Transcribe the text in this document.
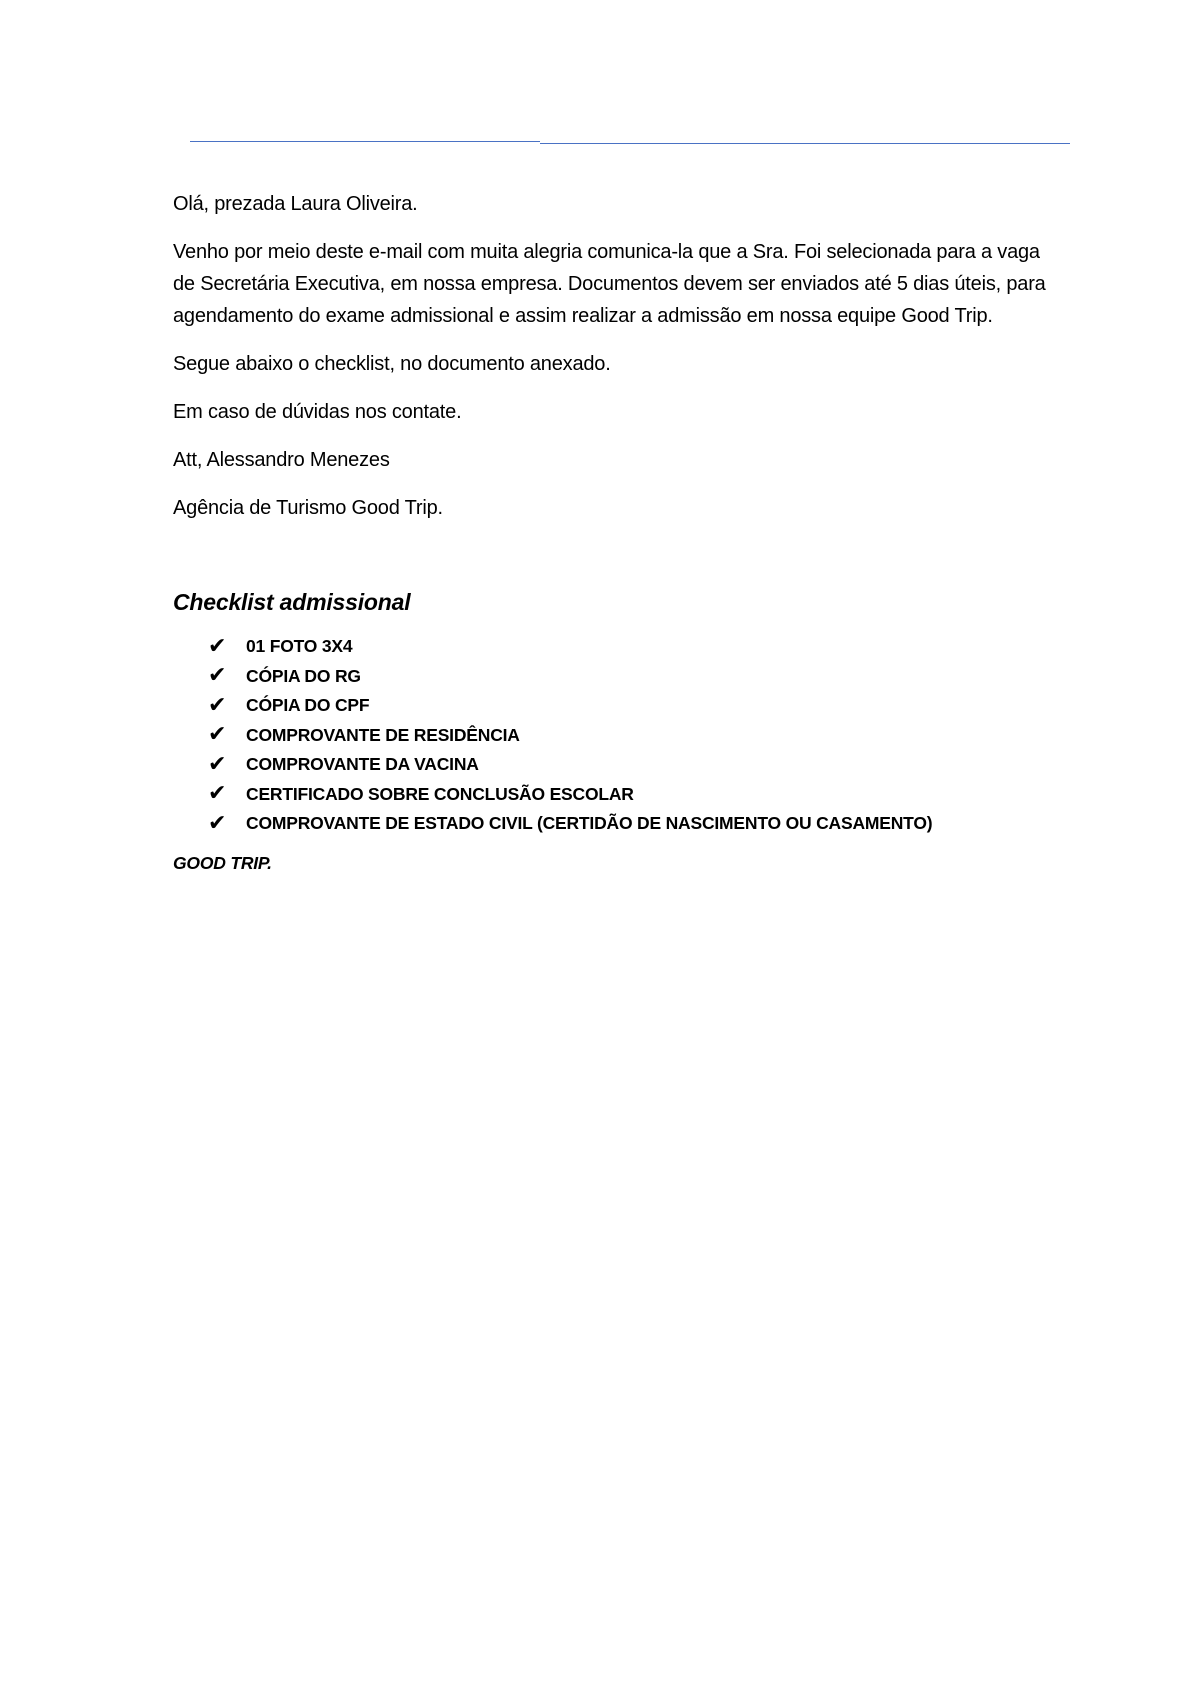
Olá, prezada Laura Oliveira.

Venho por meio deste e-mail com muita alegria comunica-la que a Sra. Foi selecionada para a vaga de Secretária Executiva, em nossa empresa. Documentos devem ser enviados até 5 dias úteis, para agendamento do exame admissional e assim realizar a admissão em nossa equipe Good Trip.

Segue abaixo o checklist, no documento anexado.

Em caso de dúvidas nos contate.

Att, Alessandro Menezes

Agência de Turismo Good Trip.

Checklist admissional
✔	01 FOTO 3X4
✔	CÓPIA DO RG
✔	CÓPIA DO CPF
✔	COMPROVANTE DE RESIDÊNCIA
✔	COMPROVANTE DA VACINA
✔	CERTIFICADO SOBRE CONCLUSÃO ESCOLAR
✔	COMPROVANTE DE ESTADO CIVIL (CERTIDÃO DE NASCIMENTO OU CASAMENTO)
GOOD TRIP.
